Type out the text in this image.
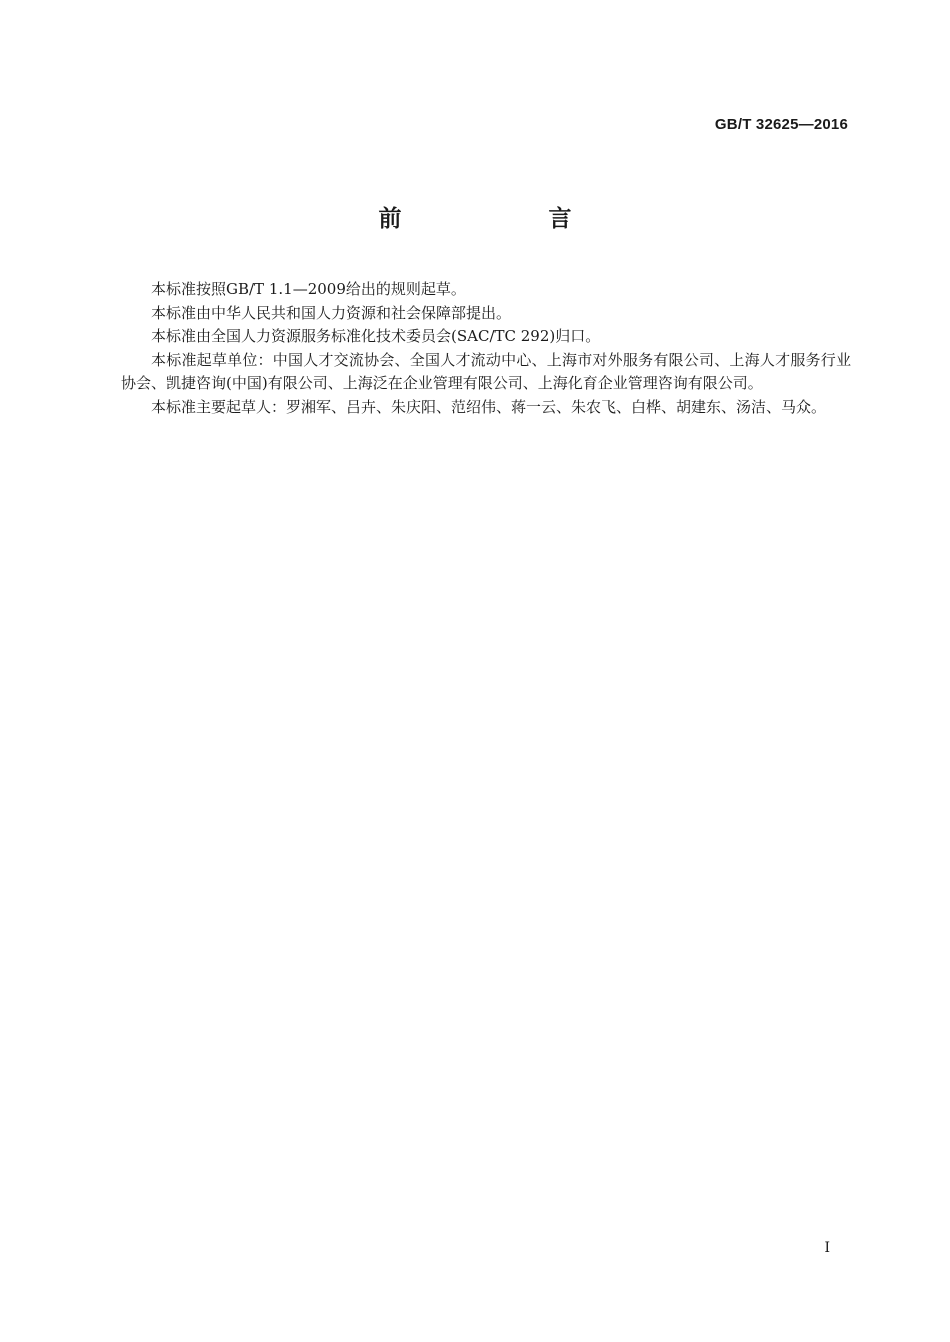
GB/T 32625—2016
前　言

本标准按照GB/T 1.1—2009给出的规则起草。

本标准由中华人民共和国人力资源和社会保障部提出。

本标准由全国人力资源服务标准化技术委员会(SAC/TC 292)归口。

本标准起草单位：中国人才交流协会、全国人才流动中心、上海市对外服务有限公司、上海人才服务行业协会、凯捷咨询(中国)有限公司、上海泛在企业管理有限公司、上海化育企业管理咨询有限公司。

本标准主要起草人：罗湘军、吕卉、朱庆阳、范绍伟、蒋一云、朱农飞、白桦、胡建东、汤洁、马众。

I
